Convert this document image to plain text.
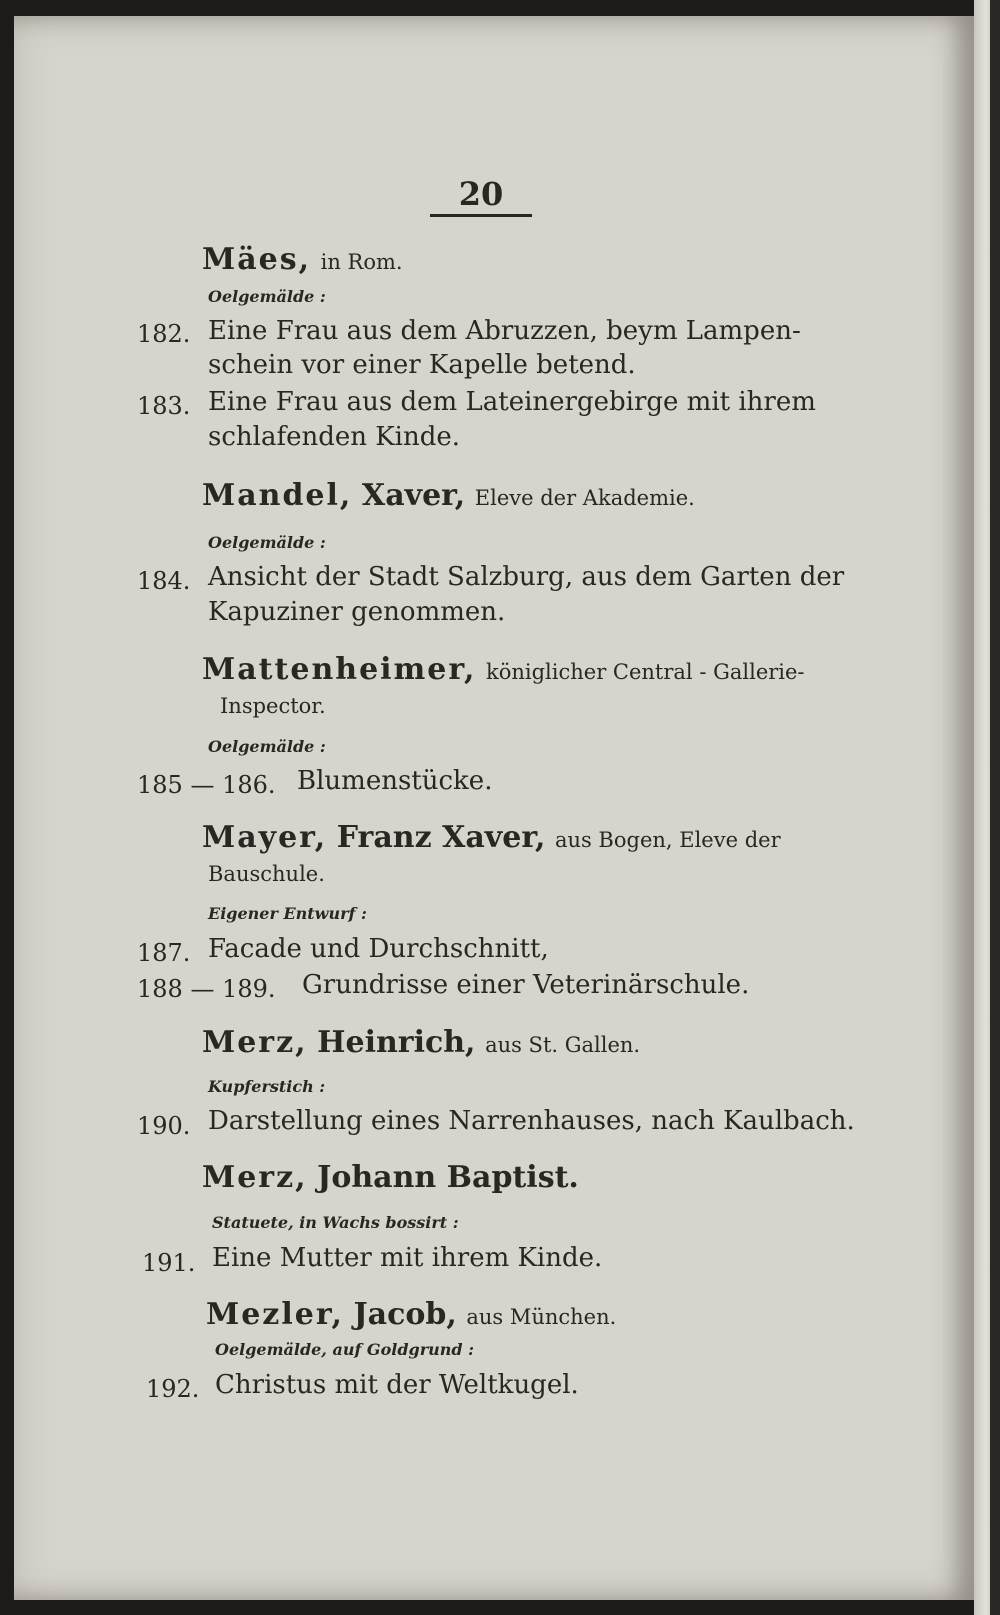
20
Mäes, in Rom.
Oelgemälde :
182. Eine Frau aus dem Abruzzen, beym Lampen-
schein vor einer Kapelle betend.
183. Eine Frau aus dem Lateinergebirge mit ihrem
schlafenden Kinde.
Mandel, Xaver, Eleve der Akademie.
Oelgemälde :
184. Ansicht der Stadt Salzburg, aus dem Garten der
Kapuziner genommen.
Mattenheimer, königlicher Central - Gallerie-
Inspector.
Oelgemälde :
185 — 186. Blumenstücke.
Mayer, Franz Xaver, aus Bogen, Eleve der
Bauschule.
Eigener Entwurf :
187. Facade und Durchschnitt,
188 — 189. Grundrisse einer Veterinärschule.
Merz, Heinrich, aus St. Gallen.
Kupferstich :
190. Darstellung eines Narrenhauses, nach Kaulbach.
Merz, Johann Baptist.
Statuete, in Wachs bossirt :
191. Eine Mutter mit ihrem Kinde.
Mezler, Jacob, aus München.
Oelgemälde, auf Goldgrund :
192. Christus mit der Weltkugel.
